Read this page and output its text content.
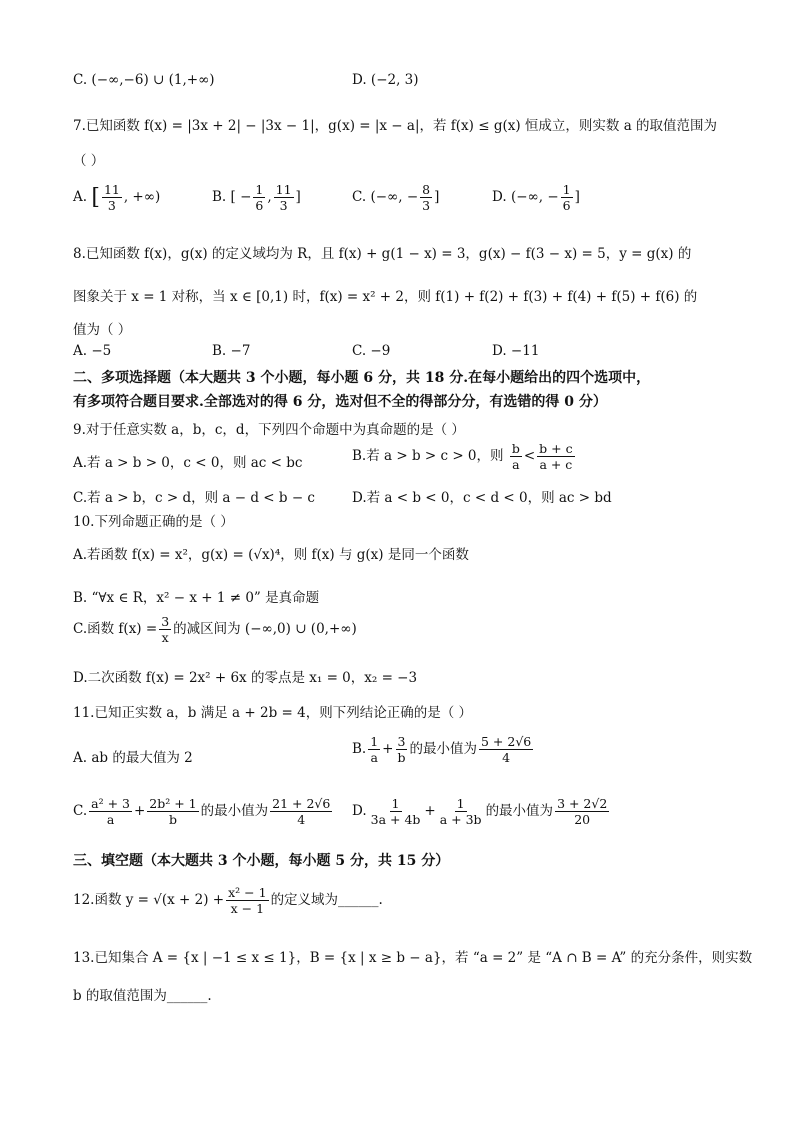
C. (−∞,−6) ∪ (1,+∞)	D. (−2, 3)
7.已知函数 f(x) = |3x + 2| − |3x − 1|，g(x) = |x − a|，若 f(x) ≤ g(x) 恒成立，则实数 a 的取值范围为
（ ）
A. [ $\frac{11}{3}$ , +∞)	B. [ − $\frac{1}{6}$ , $\frac{11}{3}$ ]	C. (−∞, − $\frac{8}{3}$ ]	D. (−∞, − $\frac{1}{6}$ ]
8.已知函数 f(x)，g(x) 的定义域均为 R，且 f(x) + g(1 − x) = 3，g(x) − f(3 − x) = 5，y = g(x) 的
图象关于 x = 1 对称，当 x ∈ [0,1) 时，f(x) = x² + 2，则 f(1) + f(2) + f(3) + f(4) + f(5) + f(6) 的
值为（ ）
A. −5	B. −7	C. −9	D. −11
二、多项选择题（本大题共 3 个小题，每小题 6 分，共 18 分.在每小题给出的四个选项中，
有多项符合题目要求.全部选对的得 6 分，选对但不全的得部分分，有选错的得 0 分）
9.对于任意实数 a，b，c，d，下列四个命题中为真命题的是（ ）
A.若 a > b > 0，c < 0，则 ac < bc	B.若 a > b > c > 0，则 $\frac{b}{a} < \frac{b + c}{a + c}$
C.若 a > b，c > d，则 a − d < b − c	D.若 a < b < 0，c < d < 0，则 ac > bd
10.下列命题正确的是（ ）
A.若函数 f(x) = x²，g(x) = (√x)⁴，则 f(x) 与 g(x) 是同一个函数
B. “∀x ∈ R，x² − x + 1 ≠ 0” 是真命题
C.函数 $f(x) = \frac{3}{x}$ 的减区间为 (−∞,0) ∪ (0,+∞)
D.二次函数 f(x) = 2x² + 6x 的零点是 x₁ = 0，x₂ = −3
11.已知正实数 a，b 满足 a + 2b = 4，则下列结论正确的是（ ）
A. ab 的最大值为 2
B. $\frac{1}{a} + \frac{3}{b}$ 的最小值为 $\frac{5 + 2√6}{4}$
C. $\frac{\text{a² + 3}}{a} + \frac{\text{2b² + 1}}{b}$ 的最小值为 $\frac{21 + 2√6}{4} D$. $\frac{1}{3a + 4b} + \frac{1}{a + 3b}$ 的最小值为 $\frac{3 + 2√2}{20}$
三、填空题（本大题共 3 个小题，每小题 5 分，共 15 分）
12.函数 $y = √(x + 2) + \frac{\text{x² − 1}}{x - 1}$ 的定义域为______.
13.已知集合 A = {x | −1 ≤ x ≤ 1}，B = {x | x ≥ b − a}，若 “a = 2” 是 “A ∩ B = A” 的充分条件，则实数
b 的取值范围为______.
